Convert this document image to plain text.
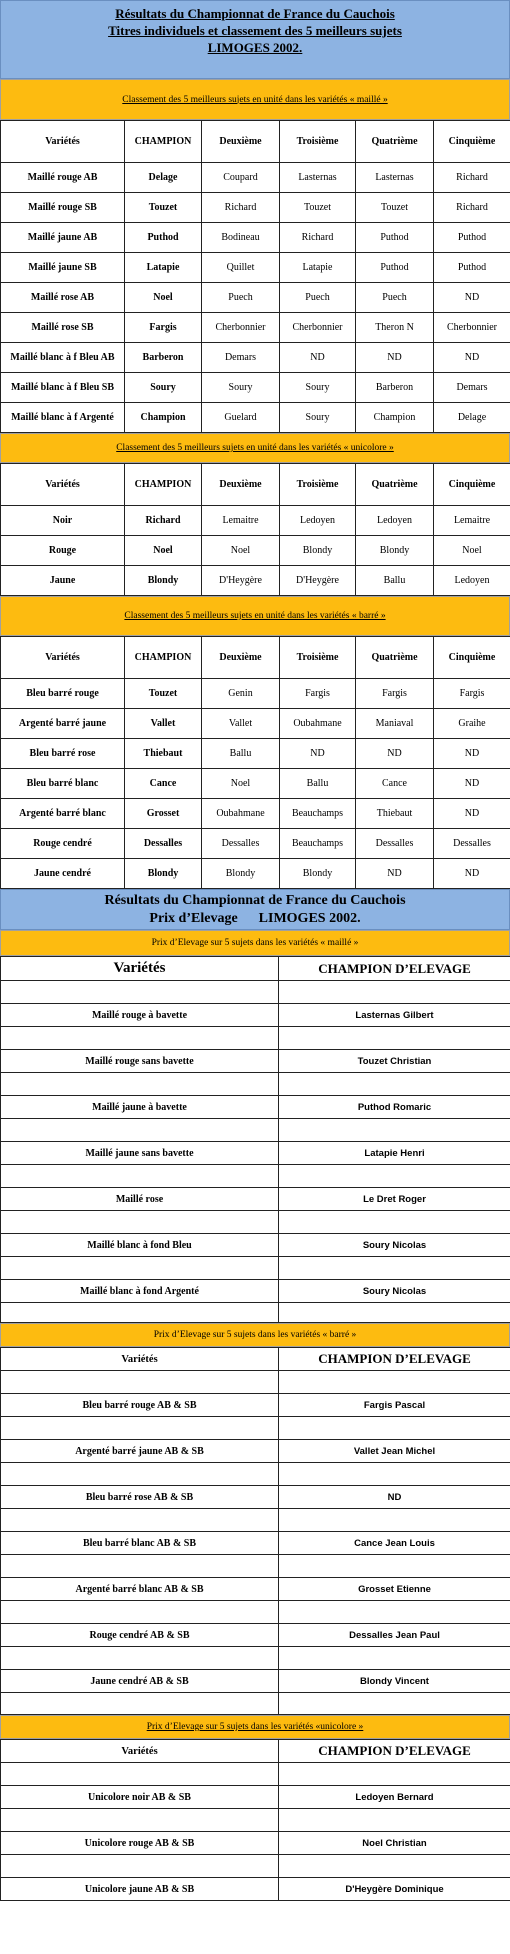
Résultats du Championnat de France du Cauchois
Titres individuels et classement des 5 meilleurs sujets
LIMOGES 2002.
Classement des 5 meilleurs sujets en unité dans les variétés « maillé »
Variétés	CHAMPION	Deuxième	Troisième	Quatrième	Cinquième
Maillé rouge AB	Delage	Coupard	Lasternas	Lasternas	Richard
Maillé rouge SB	Touzet	Richard	Touzet	Touzet	Richard
Maillé jaune AB	Puthod	Bodineau	Richard	Puthod	Puthod
Maillé jaune SB	Latapie	Quillet	Latapie	Puthod	Puthod
Maillé rose AB	Noel	Puech	Puech	Puech	ND
Maillé rose SB	Fargis	Cherbonnier	Cherbonnier	Theron N	Cherbonnier
Maillé blanc à f Bleu AB	Barberon	Demars	ND	ND	ND
Maillé blanc à f Bleu SB	Soury	Soury	Soury	Barberon	Demars
Maillé blanc à f Argenté	Champion	Guelard	Soury	Champion	Delage
Classement des 5 meilleurs sujets en unité dans les variétés « unicolore »
Variétés	CHAMPION	Deuxième	Troisième	Quatrième	Cinquième
Noir	Richard	Lemaitre	Ledoyen	Ledoyen	Lemaitre
Rouge	Noel	Noel	Blondy	Blondy	Noel
Jaune	Blondy	D'Heygère	D'Heygère	Ballu	Ledoyen
Classement des 5 meilleurs sujets en unité dans les variétés « barré »
Variétés	CHAMPION	Deuxième	Troisième	Quatrième	Cinquième
Bleu barré rouge	Touzet	Genin	Fargis	Fargis	Fargis
Argenté barré jaune	Vallet	Vallet	Oubahmane	Maniaval	Graihe
Bleu barré rose	Thiebaut	Ballu	ND	ND	ND
Bleu barré blanc	Cance	Noel	Ballu	Cance	ND
Argenté barré blanc	Grosset	Oubahmane	Beauchamps	Thiebaut	ND
Rouge cendré	Dessalles	Dessalles	Beauchamps	Dessalles	Dessalles
Jaune cendré	Blondy	Blondy	Blondy	ND	ND
Résultats du Championnat de France du Cauchois
Prix d’Elevage      LIMOGES 2002.
Prix d’Elevage sur 5 sujets dans les variétés « maillé »
Variétés	CHAMPION D’ELEVAGE

Maillé rouge à bavette	Lasternas Gilbert

Maillé rouge sans bavette	Touzet Christian

Maillé jaune à bavette	Puthod Romaric

Maillé jaune sans bavette	Latapie Henri

Maillé rose	Le Dret Roger

Maillé blanc à fond Bleu	Soury Nicolas

Maillé blanc à fond Argenté	Soury Nicolas

Prix d’Elevage sur 5 sujets dans les variétés « barré »
Variétés	CHAMPION D’ELEVAGE

Bleu barré rouge AB & SB	Fargis Pascal

Argenté barré jaune AB & SB	Vallet Jean Michel

Bleu barré rose AB & SB	ND

Bleu barré blanc AB & SB	Cance Jean Louis

Argenté barré blanc AB & SB	Grosset Etienne

Rouge cendré AB & SB	Dessalles Jean Paul

Jaune cendré AB & SB	Blondy Vincent

Prix d’Elevage sur 5 sujets dans les variétés «unicolore »
Variétés	CHAMPION D’ELEVAGE

Unicolore noir AB & SB	Ledoyen Bernard

Unicolore rouge AB & SB	Noel Christian

Unicolore jaune AB & SB	D'Heygère Dominique
